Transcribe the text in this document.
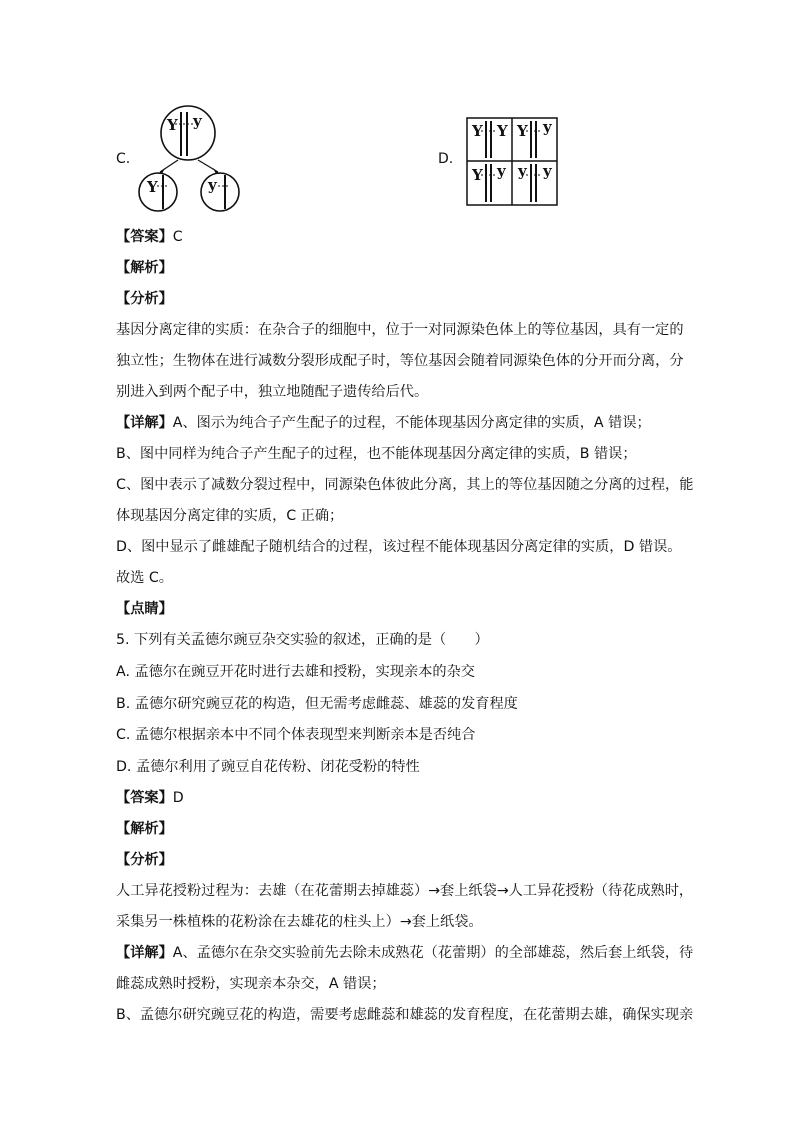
C.
Y y
Y	y
D.
Y Y Y y
Y y y y
【答案】C
【解析】
【分析】
基因分离定律的实质：在杂合子的细胞中，位于一对同源染色体上的等位基因，具有一定的
独立性；生物体在进行减数分裂形成配子时，等位基因会随着同源染色体的分开而分离，分
别进入到两个配子中，独立地随配子遗传给后代。
【详解】A、图示为纯合子产生配子的过程，不能体现基因分离定律的实质，A 错误；
B、图中同样为纯合子产生配子的过程，也不能体现基因分离定律的实质，B 错误；
C、图中表示了减数分裂过程中，同源染色体彼此分离，其上的等位基因随之分离的过程，能
体现基因分离定律的实质，C 正确；
D、图中显示了雌雄配子随机结合的过程，该过程不能体现基因分离定律的实质，D 错误。
故选 C。
【点睛】
5. 下列有关孟德尔豌豆杂交实验的叙述，正确的是（　　）
A. 孟德尔在豌豆开花时进行去雄和授粉，实现亲本的杂交
B. 孟德尔研究豌豆花的构造，但无需考虑雌蕊、雄蕊的发育程度
C. 孟德尔根据亲本中不同个体表现型来判断亲本是否纯合
D. 孟德尔利用了豌豆自花传粉、闭花受粉的特性
【答案】D
【解析】
【分析】
人工异花授粉过程为：去雄（在花蕾期去掉雄蕊）→套上纸袋→人工异花授粉（待花成熟时，
采集另一株植株的花粉涂在去雄花的柱头上）→套上纸袋。
【详解】A、孟德尔在杂交实验前先去除未成熟花（花蕾期）的全部雄蕊，然后套上纸袋，待
雌蕊成熟时授粉，实现亲本杂交，A 错误；
B、孟德尔研究豌豆花的构造，需要考虑雌蕊和雄蕊的发育程度，在花蕾期去雄，确保实现亲
